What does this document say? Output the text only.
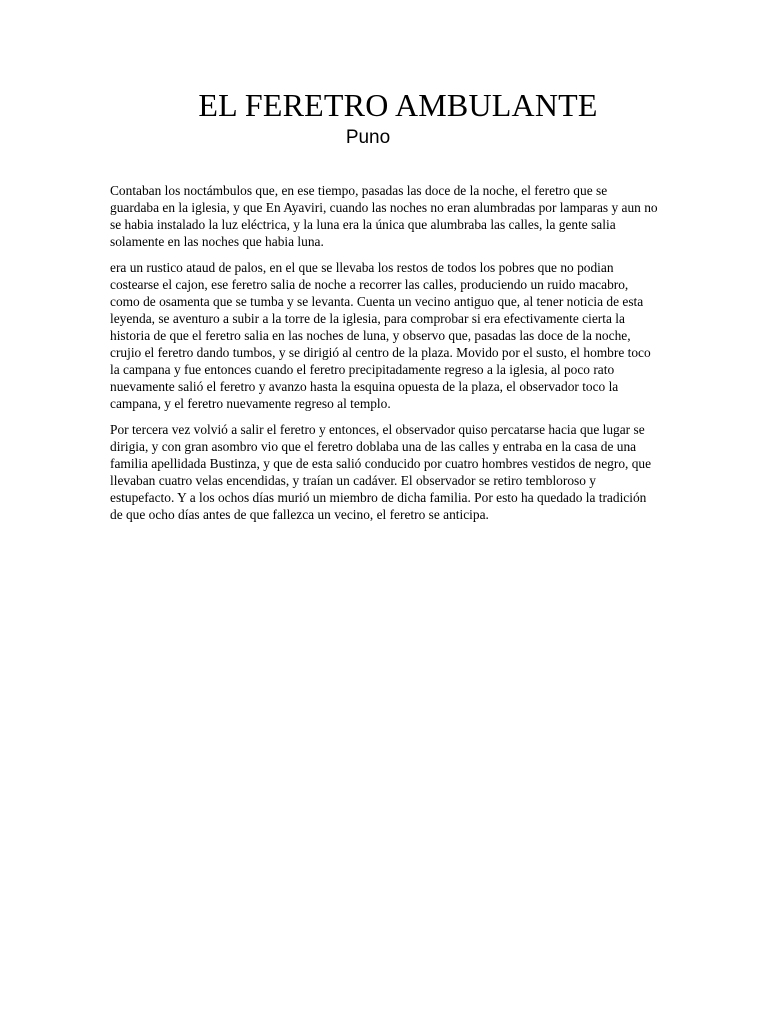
EL FERETRO AMBULANTE
Puno

Contaban los noctámbulos que, en ese tiempo, pasadas las doce de la noche, el feretro que se guardaba en la iglesia, y que En Ayaviri, cuando las noches no eran alumbradas por lamparas y aun no se habia instalado la luz eléctrica, y la luna era la única que alumbraba las calles, la gente salia solamente en las noches que habia luna.

era un rustico ataud de palos, en el que se llevaba los restos de todos los pobres que no podian costearse el cajon, ese feretro salia de noche a recorrer las calles, produciendo un ruido macabro, como de osamenta que se tumba y se levanta. Cuenta un vecino antiguo que, al tener noticia de esta leyenda, se aventuro a subir a la torre de la iglesia, para comprobar si era efectivamente cierta la historia de que el feretro salia en las noches de luna, y observo que, pasadas las doce de la noche, crujio el feretro dando tumbos, y se dirigió al centro de la plaza. Movido por el susto, el hombre toco la campana y fue entonces cuando el feretro precipitadamente regreso a la iglesia, al poco rato nuevamente salió el feretro y avanzo hasta la esquina opuesta de la plaza, el observador toco la campana, y el feretro nuevamente regreso al templo.

Por tercera vez volvió a salir el feretro y entonces, el observador quiso percatarse hacia que lugar se dirigia, y con gran asombro vio que el feretro doblaba una de las calles y entraba en la casa de una familia apellidada Bustinza, y que de esta salió conducido por cuatro hombres vestidos de negro, que llevaban cuatro velas encendidas, y traían un cadáver. El observador se retiro tembloroso y estupefacto. Y a los ochos días murió un miembro de dicha familia. Por esto ha quedado la tradición de que ocho días antes de que fallezca un vecino, el feretro se anticipa.
